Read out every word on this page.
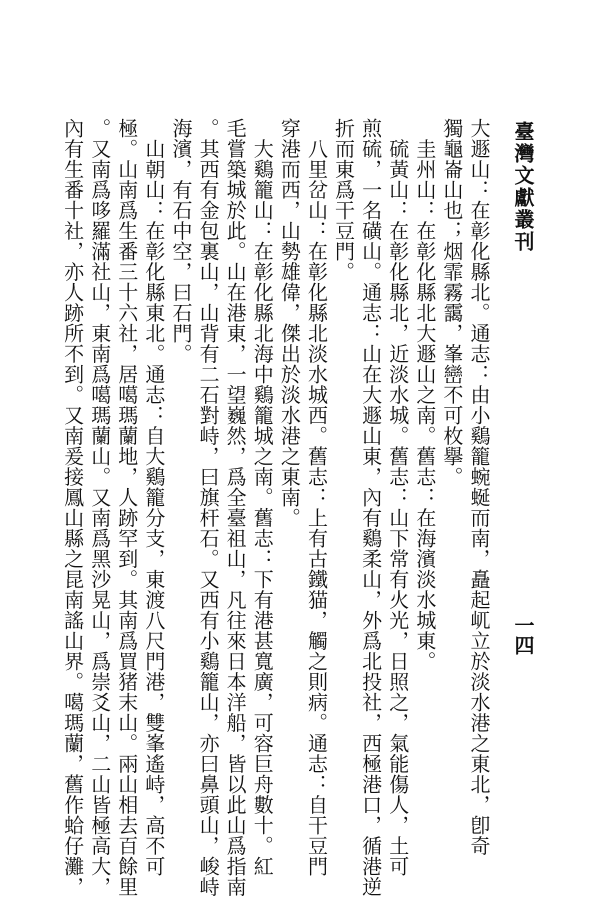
臺灣文獻叢刊
一四
大遯山：在彰化縣北。通志：由小鷄籠蜿蜒而南，矗起屼立於淡水港之東北，卽奇
獨龜崙山也；烟霏霧靄，峯巒不可枚擧。
　圭州山：在彰化縣北大遯山之南。舊志：在海濱淡水城東。
　硫黃山：在彰化縣北，近淡水城。舊志：山下常有火光，日照之，氣能傷人，土可
煎硫，一名磺山。通志：山在大遯山東，內有鷄柔山，外爲北投社，西極港口，循港逆
折而東爲干豆門。
　八里岔山：在彰化縣北淡水城西。舊志：上有古鐵猫，觸之則病。通志：自干豆門
穿港而西，山勢雄偉，傑出於淡水港之東南。
　大鷄籠山：在彰化縣北海中鷄籠城之南。舊志：下有港甚寬廣，可容巨舟數十。紅
毛嘗築城於此。山在港東，一望巍然，爲全臺祖山，凡往來日本洋船，皆以此山爲指南
。其西有金包裏山，山背有二石對峙，曰旗杆石。又西有小鷄籠山，亦曰鼻頭山，峻峙
海濱，有石中空，曰石門。
　山朝山：在彰化縣東北。通志：自大鷄籠分支，東渡八尺門港，雙峯遙峙，高不可
極。山南爲生番三十六社，居噶瑪蘭地，人跡罕到。其南爲買猪末山。兩山相去百餘里
。又南爲哆羅滿社山，東南爲噶瑪蘭山。又南爲黑沙晃山，爲崇爻山，二山皆極高大，
內有生番十社，亦人跡所不到。又南爰接鳳山縣之昆南謠山界。噶瑪蘭，舊作蛤仔灘，
